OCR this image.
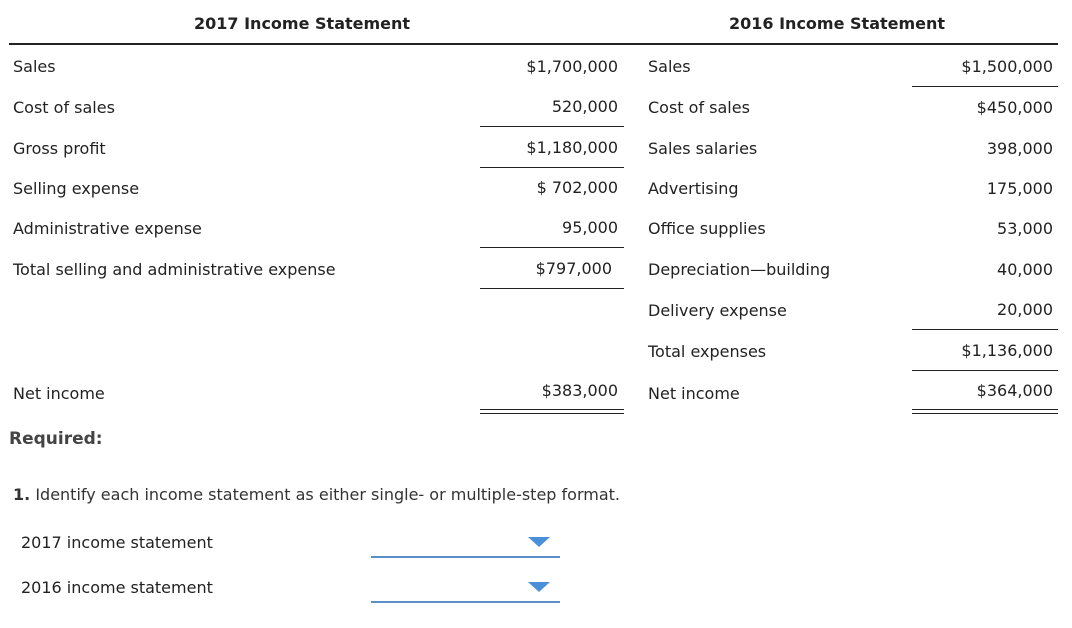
2017 Income Statement	2016 Income Statement
Sales
Cost of sales
Gross profit
Selling expense
Administrative expense
Total selling and administrative expense
Net income
$1,700,000
520,000
$1,180,000
$ 702,000
95,000
$797,000
$383,000
Sales
Cost of sales
Sales salaries
Advertising
Office supplies
Depreciation—building
Delivery expense
Total expenses
Net income
$1,500,000
$450,000
398,000
175,000
53,000
40,000
20,000
$1,136,000
$364,000
Required:
1. Identify each income statement as either single- or multiple-step format.
2017 income statement
2016 income statement
